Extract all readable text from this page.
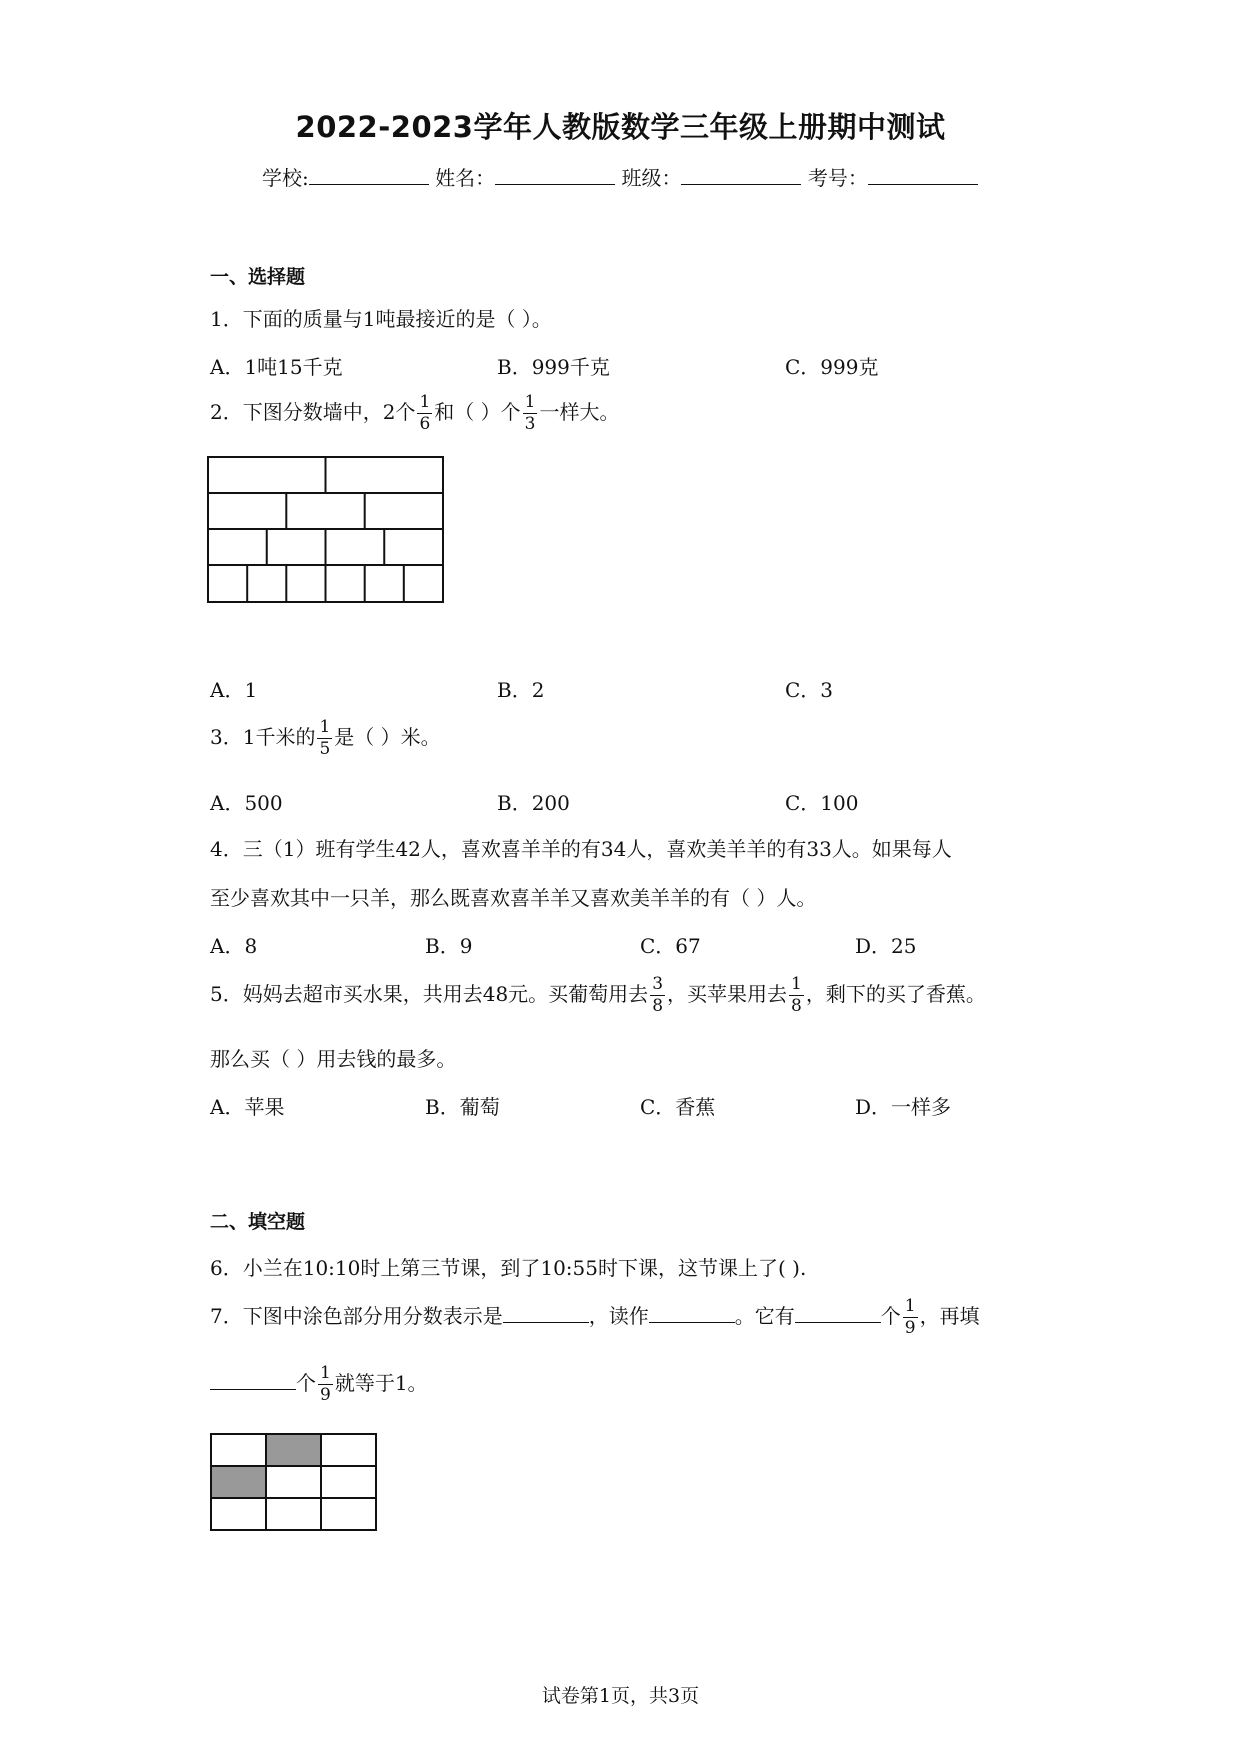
2022-2023学年人教版数学三年级上册期中测试
学校:	姓名：	班级：	考号：
一、选择题
1．下面的质量与1吨最接近的是（ ）。
A．1吨15千克	B．999千克	C．999克
2．下图分数墙中，2个 $\frac{1}{6}$ 和（ ）个 $\frac{1}{3}$ 一样大。
A．1	B．2	C．3
3．1千米的 $\frac{1}{5}$ 是（ ）米。
A．500	B．200	C．100
4．三（1）班有学生42人，喜欢喜羊羊的有34人，喜欢美羊羊的有33人。如果每人
至少喜欢其中一只羊，那么既喜欢喜羊羊又喜欢美羊羊的有（ ）人。
A．8	B．9	C．67	D．25
5．妈妈去超市买水果，共用去48元。买葡萄用去 $\frac{3}{8}$ ，买苹果用去 $\frac{1}{8}$ ，剩下的买了香蕉。
那么买（ ）用去钱的最多。
A．苹果	B．葡萄	C．香蕉	D．一样多
二、填空题
6．小兰在10:10时上第三节课，到了10:55时下课，这节课上了( ).
7．下图中涂色部分用分数表示是	，读作	。它有	个 $\frac{1}{9}$ ，再填
个 $\frac{1}{9}$ 就等于1。
试卷第1页，共3页
